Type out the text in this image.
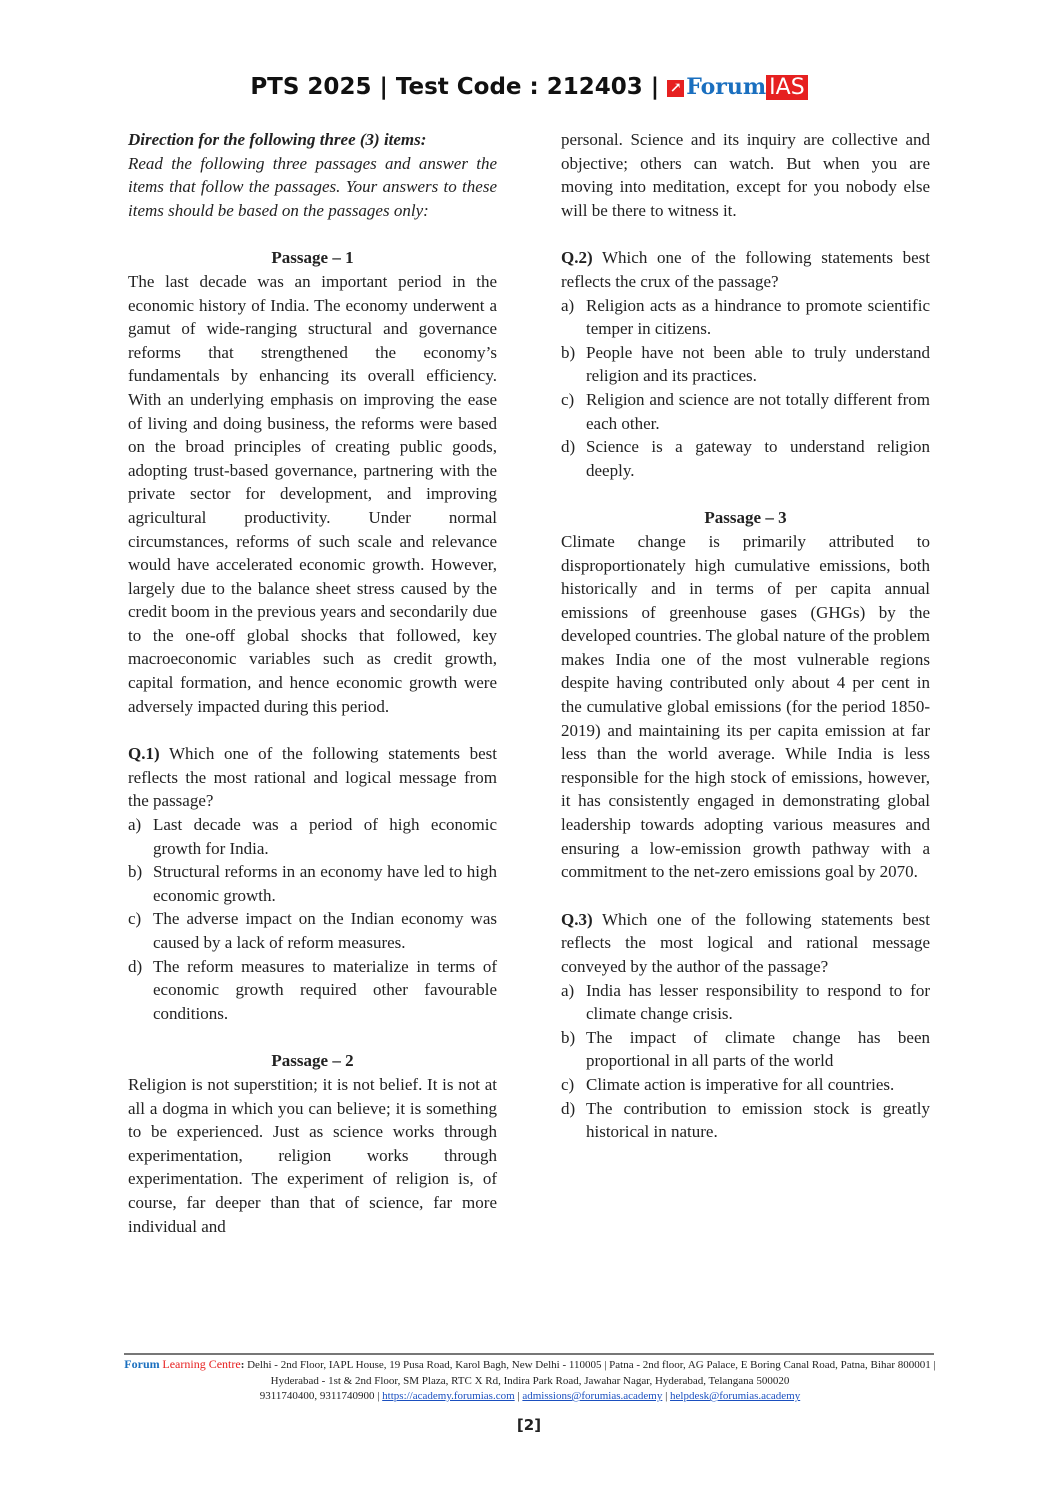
PTS 2025 | Test Code : 212403 | ↗ Forum IAS

Direction for the following three (3) items:

Read the following three passages and answer the items that follow the passages. Your answers to these items should be based on the passages only:

Passage – 1

The last decade was an important period in the economic history of India. The economy underwent a gamut of wide-ranging structural and governance reforms that strengthened the economy’s fundamentals by enhancing its overall efficiency. With an underlying emphasis on improving the ease of living and doing business, the reforms were based on the broad principles of creating public goods, adopting trust-based governance, partnering with the private sector for development, and improving agricultural productivity. Under normal circumstances, reforms of such scale and relevance would have accelerated economic growth. However, largely due to the balance sheet stress caused by the credit boom in the previous years and secondarily due to the one-off global shocks that followed, key macroeconomic variables such as credit growth, capital formation, and hence economic growth were adversely impacted during this period.

Q.1) Which one of the following statements best reflects the most rational and logical message from the passage?

a) Last decade was a period of high economic growth for India.
b) Structural reforms in an economy have led to high economic growth.
c) The adverse impact on the Indian economy was caused by a lack of reform measures.
d) The reform measures to materialize in terms of economic growth required other favourable conditions.

Passage – 2

Religion is not superstition; it is not belief. It is not at all a dogma in which you can believe; it is something to be experienced. Just as science works through experimentation, religion works through experimentation. The experiment of religion is, of course, far deeper than that of science, far more individual and

personal. Science and its inquiry are collective and objective; others can watch. But when you are moving into meditation, except for you nobody else will be there to witness it.

Q.2) Which one of the following statements best reflects the crux of the passage?

a) Religion acts as a hindrance to promote scientific temper in citizens.
b) People have not been able to truly understand religion and its practices.
c) Religion and science are not totally different from each other.
d) Science is a gateway to understand religion deeply.

Passage – 3

Climate change is primarily attributed to disproportionately high cumulative emissions, both historically and in terms of per capita annual emissions of greenhouse gases (GHGs) by the developed countries. The global nature of the problem makes India one of the most vulnerable regions despite having contributed only about 4 per cent in the cumulative global emissions (for the period 1850-2019) and maintaining its per capita emission at far less than the world average. While India is less responsible for the high stock of emissions, however, it has consistently engaged in demonstrating global leadership towards adopting various measures and ensuring a low-emission growth pathway with a commitment to the net-zero emissions goal by 2070.

Q.3) Which one of the following statements best reflects the most logical and rational message conveyed by the author of the passage?

a) India has lesser responsibility to respond to for climate change crisis.
b) The impact of climate change has been proportional in all parts of the world
c) Climate action is imperative for all countries.
d) The contribution to emission stock is greatly historical in nature.
Forum Learning Centre: Delhi - 2nd Floor, IAPL House, 19 Pusa Road, Karol Bagh, New Delhi - 110005 | Patna - 2nd floor, AG Palace, E Boring Canal Road, Patna, Bihar 800001 | Hyderabad - 1st & 2nd Floor, SM Plaza, RTC X Rd, Indira Park Road, Jawahar Nagar, Hyderabad, Telangana 500020
9311740400, 9311740900 | https://academy.forumias.com | admissions@forumias.academy | helpdesk@forumias.academy
[2]
